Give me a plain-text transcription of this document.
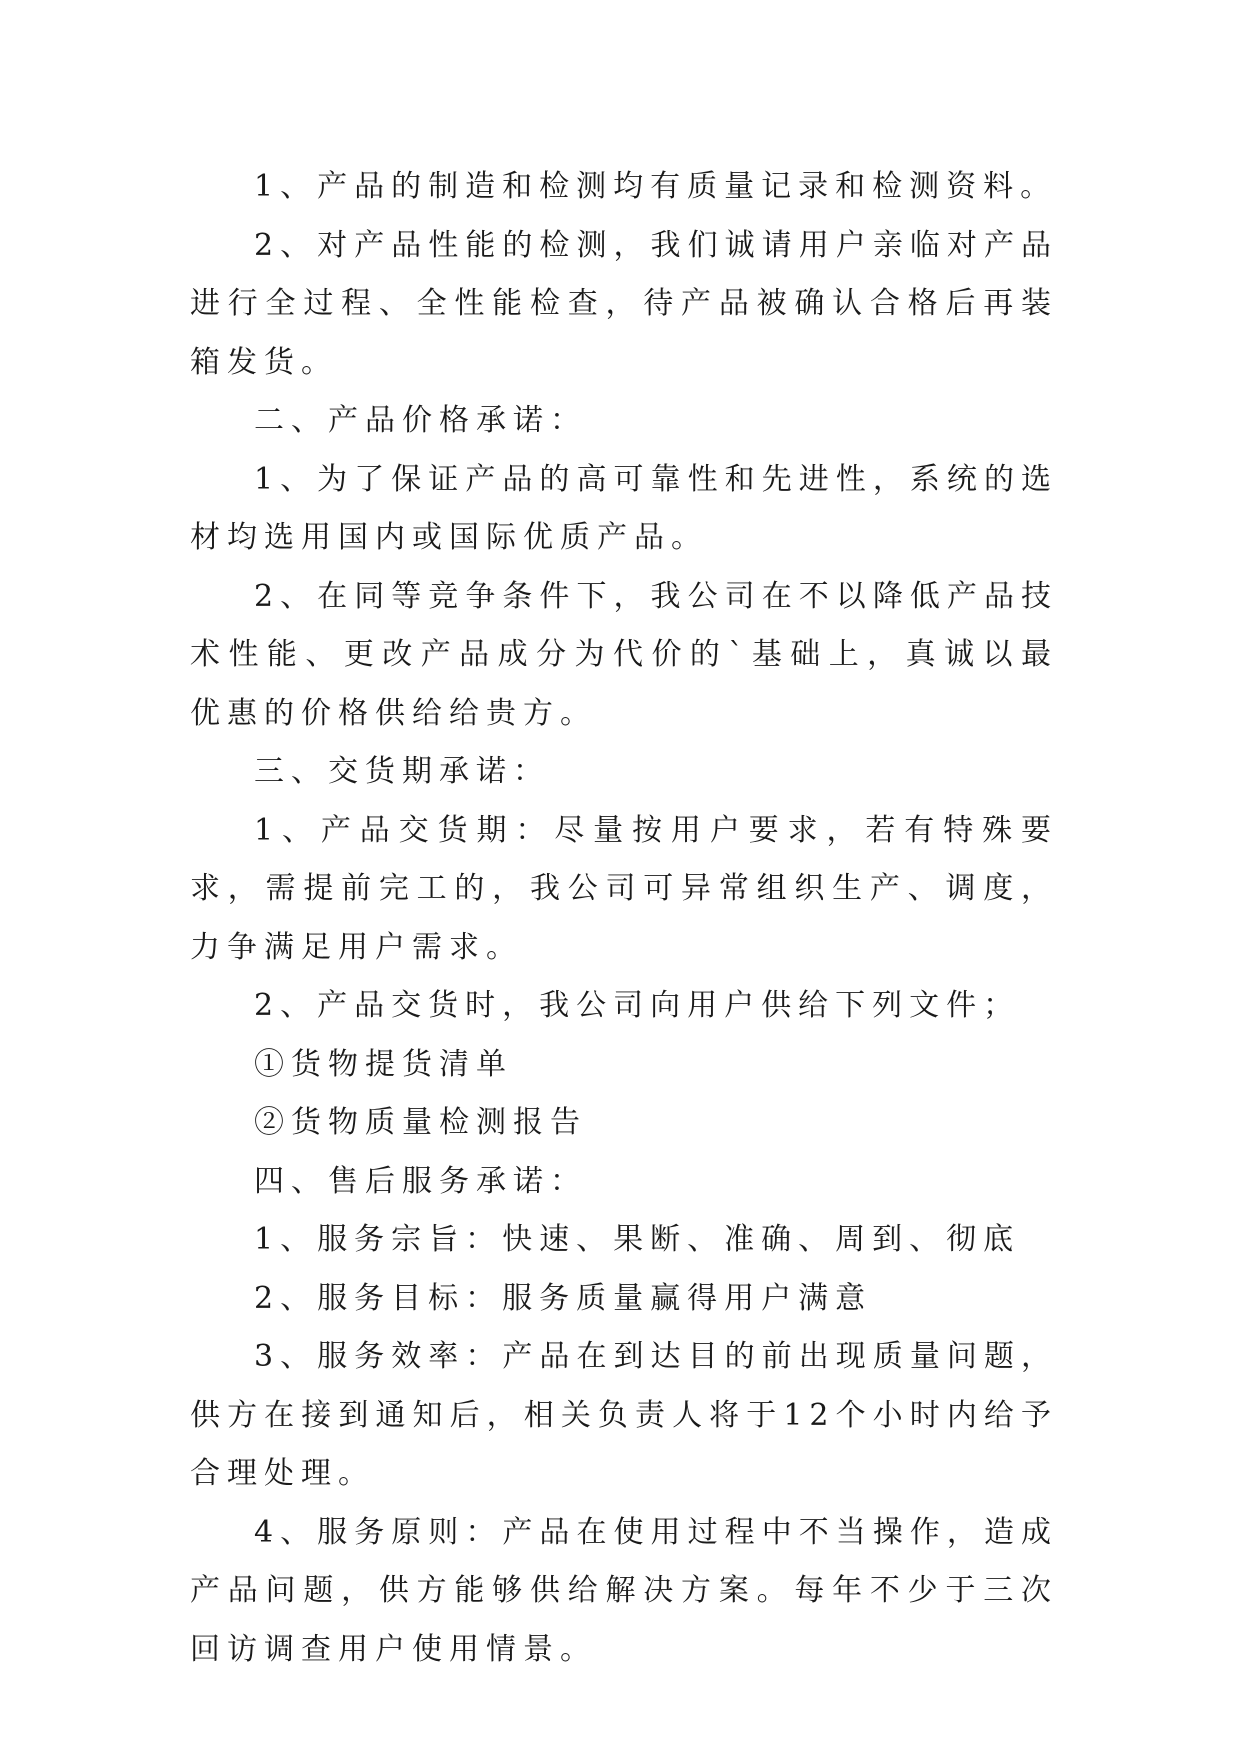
1、产品的制造和检测均有质量记录和检测资料。

2、对产品性能的检测，我们诚请用户亲临对产品进行全过程、全性能检查，待产品被确认合格后再装箱发货。

二、产品价格承诺：

1、为了保证产品的高可靠性和先进性，系统的选材均选用国内或国际优质产品。

2、在同等竞争条件下，我公司在不以降低产品技术性能、更改产品成分为代价的`基础上，真诚以最优惠的价格供给给贵方。

三、交货期承诺：

1、产品交货期：尽量按用户要求，若有特殊要求，需提前完工的，我公司可异常组织生产、调度，力争满足用户需求。

2、产品交货时，我公司向用户供给下列文件；

①货物提货清单

②货物质量检测报告

四、售后服务承诺：

1、服务宗旨：快速、果断、准确、周到、彻底

2、服务目标：服务质量赢得用户满意

3、服务效率：产品在到达目的前出现质量问题，供方在接到通知后，相关负责人将于12个小时内给予合理处理。

4、服务原则：产品在使用过程中不当操作，造成产品问题，供方能够供给解决方案。每年不少于三次回访调查用户使用情景。
